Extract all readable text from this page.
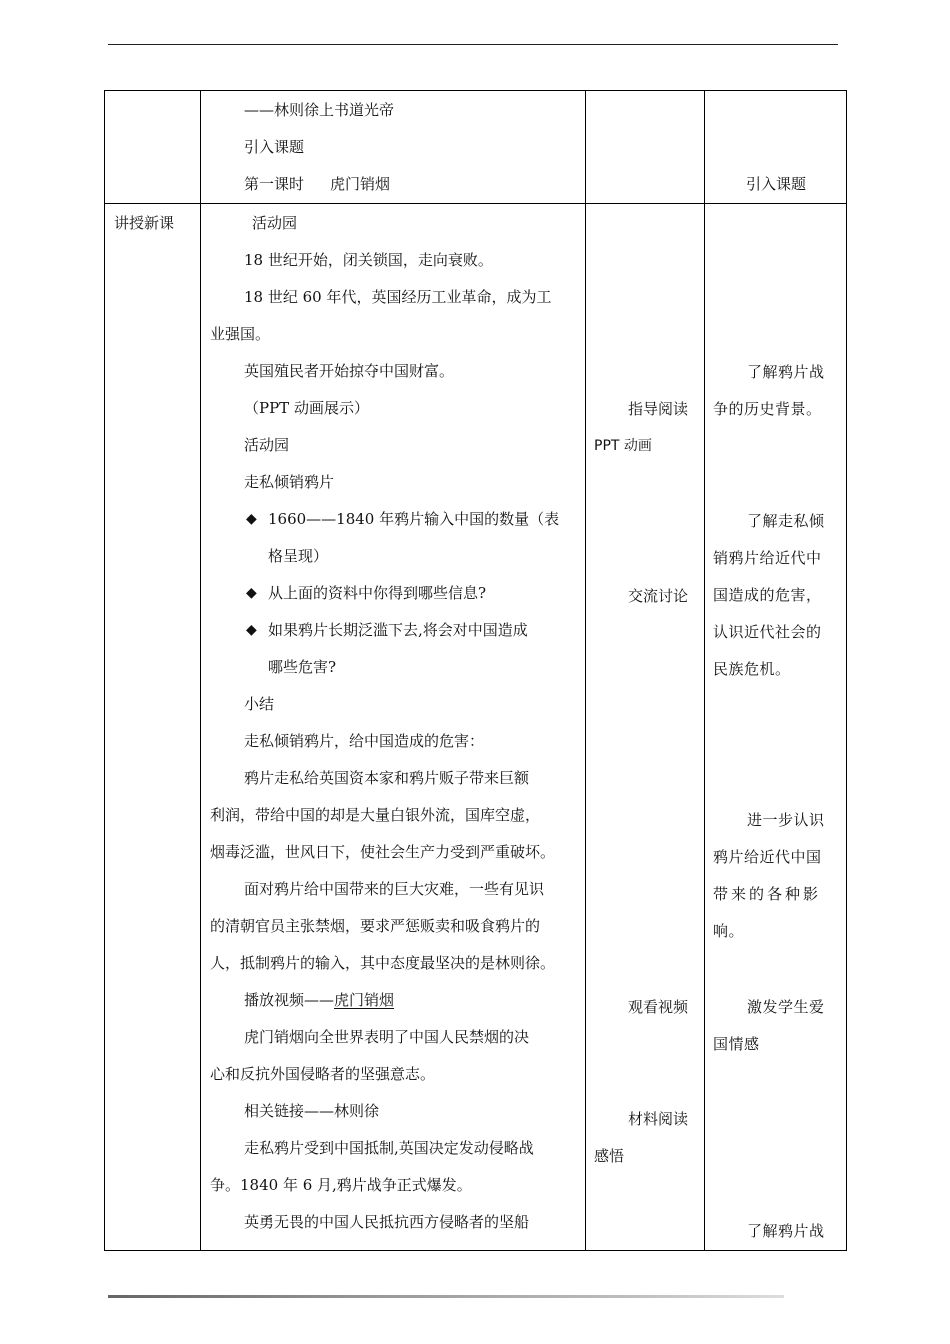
——林则徐上书道光帝
引入课题
第一课时 虎门销烟	引入课题
讲授新课	活动园
18 世纪开始，闭关锁国，走向衰败。
18 世纪 60 年代，英国经历工业革命，成为工
业强国。
英国殖民者开始掠夺中国财富。
（PPT 动画展示）
活动园
走私倾销鸦片
◆ 1660——1840 年鸦片输入中国的数量（表
格呈现）
◆ 从上面的资料中你得到哪些信息?
◆ 如果鸦片长期泛滥下去,将会对中国造成
哪些危害?
小结
走私倾销鸦片，给中国造成的危害：
鸦片走私给英国资本家和鸦片贩子带来巨额
利润，带给中国的却是大量白银外流，国库空虚，
烟毒泛滥，世风日下，使社会生产力受到严重破坏。
面对鸦片给中国带来的巨大灾难，一些有见识
的清朝官员主张禁烟，要求严惩贩卖和吸食鸦片的
人，抵制鸦片的输入，其中态度最坚决的是林则徐。
播放视频——虎门销烟
虎门销烟向全世界表明了中国人民禁烟的决
心和反抗外国侵略者的坚强意志。
相关链接——林则徐
走私鸦片受到中国抵制,英国决定发动侵略战
争。1840 年 6 月,鸦片战争正式爆发。
英勇无畏的中国人民抵抗西方侵略者的坚船
指导阅读
PPT 动画
交流讨论
观看视频
材料阅读
感悟
了解鸦片战
争的历史背景。
了解走私倾
销鸦片给近代中
国造成的危害，
认识近代社会的
民族危机。
进一步认识
鸦片给近代中国
带来的各种影
响。
激发学生爱
国情感
了解鸦片战
